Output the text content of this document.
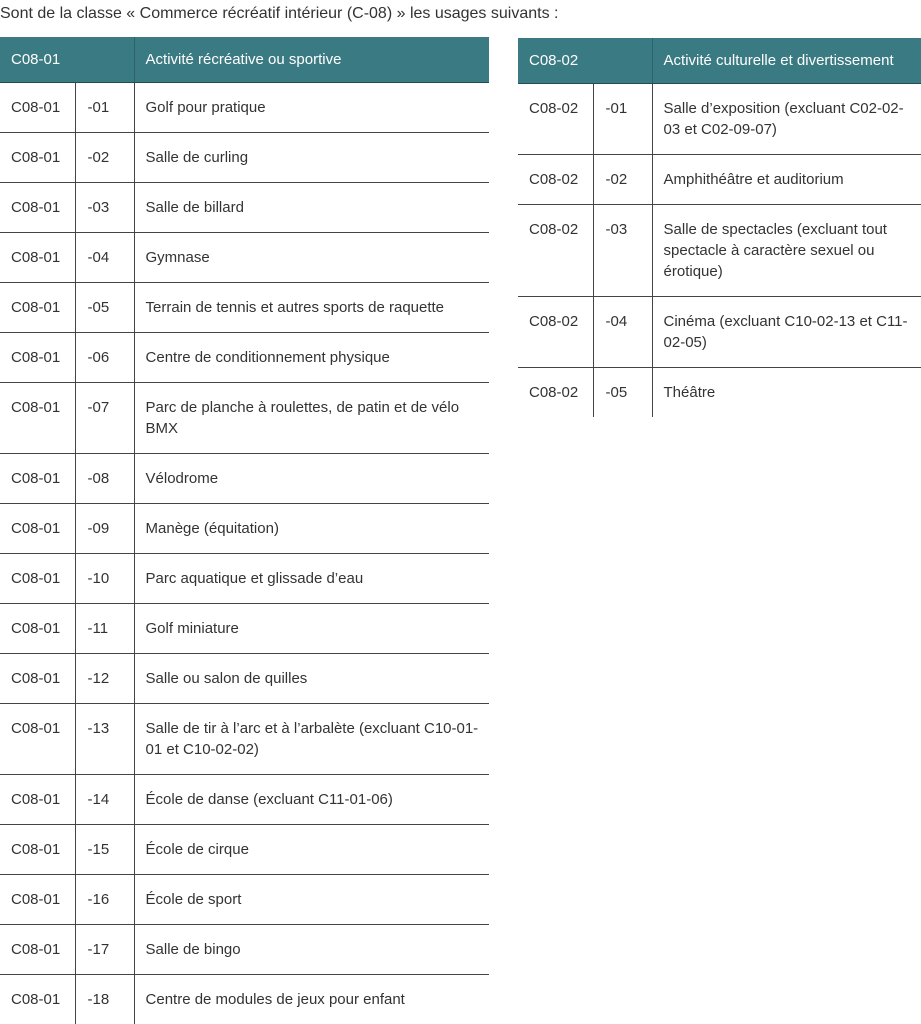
Sont de la classe « Commerce récréatif intérieur (C-08) » les usages suivants :

C08-01		Activité récréative ou sportive
C08-01	-01	Golf pour pratique
C08-01	-02	Salle de curling
C08-01	-03	Salle de billard
C08-01	-04	Gymnase
C08-01	-05	Terrain de tennis et autres sports de raquette
C08-01	-06	Centre de conditionnement physique
C08-01	-07	Parc de planche à roulettes, de patin et de vélo BMX
C08-01	-08	Vélodrome
C08-01	-09	Manège (équitation)
C08-01	-10	Parc aquatique et glissade d’eau
C08-01	-11	Golf miniature
C08-01	-12	Salle ou salon de quilles
C08-01	-13	Salle de tir à l’arc et à l’arbalète (excluant C10-01-01 et C10-02-02)
C08-01	-14	École de danse (excluant C11-01-06)
C08-01	-15	École de cirque
C08-01	-16	École de sport
C08-01	-17	Salle de bingo
C08-01	-18	Centre de modules de jeux pour enfant
C08-02		Activité culturelle et divertissement
C08-02	-01	Salle d’exposition (excluant C02-02-03 et C02-09-07)
C08-02	-02	Amphithéâtre et auditorium
C08-02	-03	Salle de spectacles (excluant tout spectacle à caractère sexuel ou érotique)
C08-02	-04	Cinéma (excluant C10-02-13 et C11-02-05)
C08-02	-05	Théâtre
